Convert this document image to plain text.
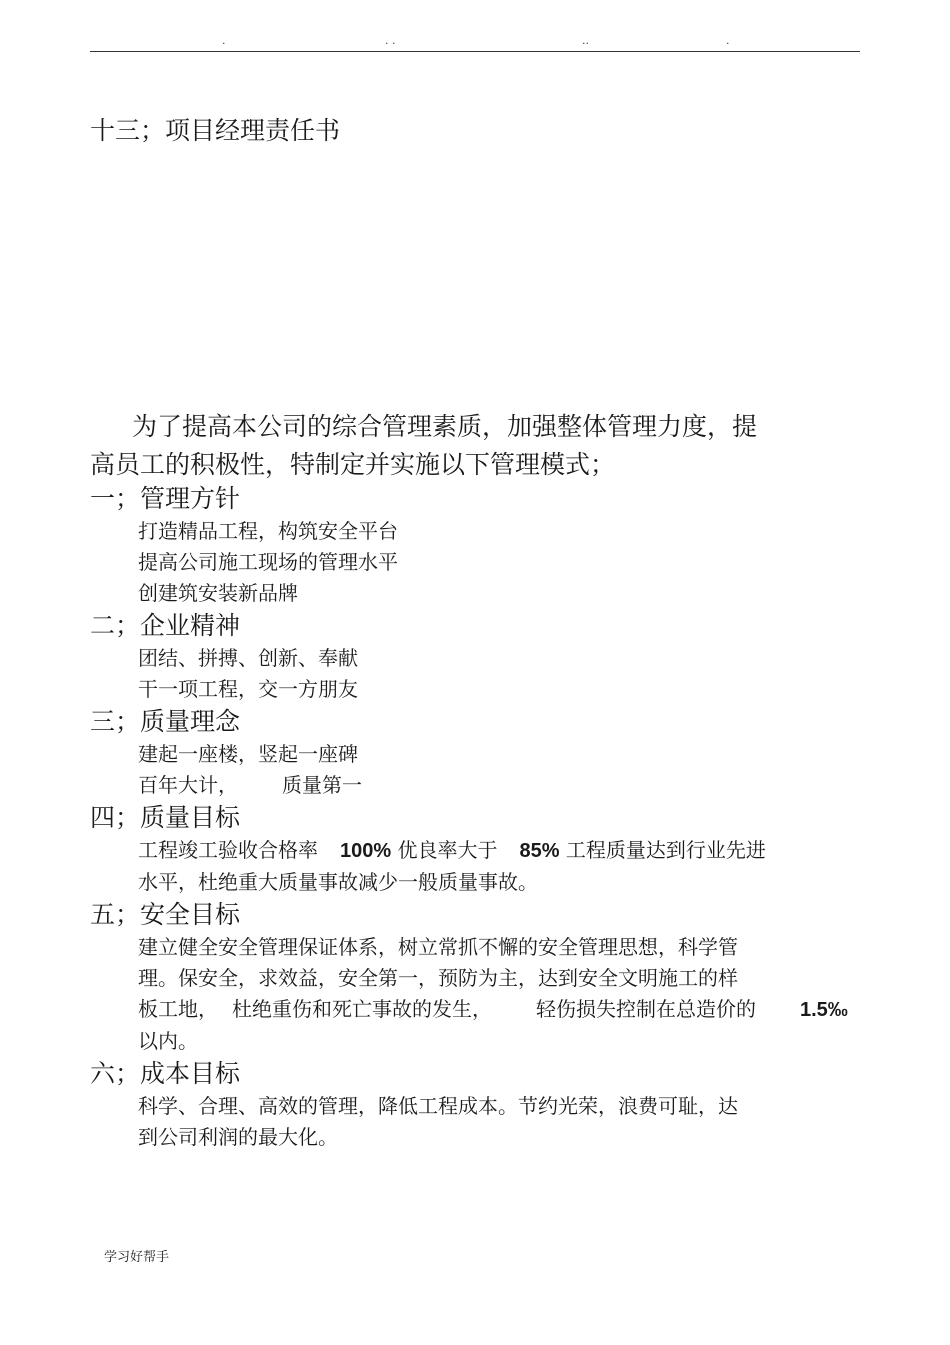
.	. .	..	.
十三；项目经理责任书
为了提高本公司的综合管理素质，加强整体管理力度，提
高员工的积极性，特制定并实施以下管理模式；
一；管理方针
打造精品工程，构筑安全平台
提高公司施工现场的管理水平
创建筑安装新品牌
二；企业精神
团结、拼搏、创新、奉献
干一项工程，交一方朋友
三；质量理念
建起一座楼，竖起一座碑
百年大计， 质量第一
四；质量目标
工程竣工验收合格率 100% 优良率大于 85% 工程质量达到行业先进
水平，杜绝重大质量事故减少一般质量事故。
五；安全目标
建立健全安全管理保证体系，树立常抓不懈的安全管理思想，科学管
理。保安全，求效益，安全第一，预防为主，达到安全文明施工的样
板工地， 杜绝重伤和死亡事故的发生， 轻伤损失控制在总造价的 1.5‰
以内。
六；成本目标
科学、合理、高效的管理，降低工程成本。节约光荣，浪费可耻，达
到公司利润的最大化。
学习好帮手
